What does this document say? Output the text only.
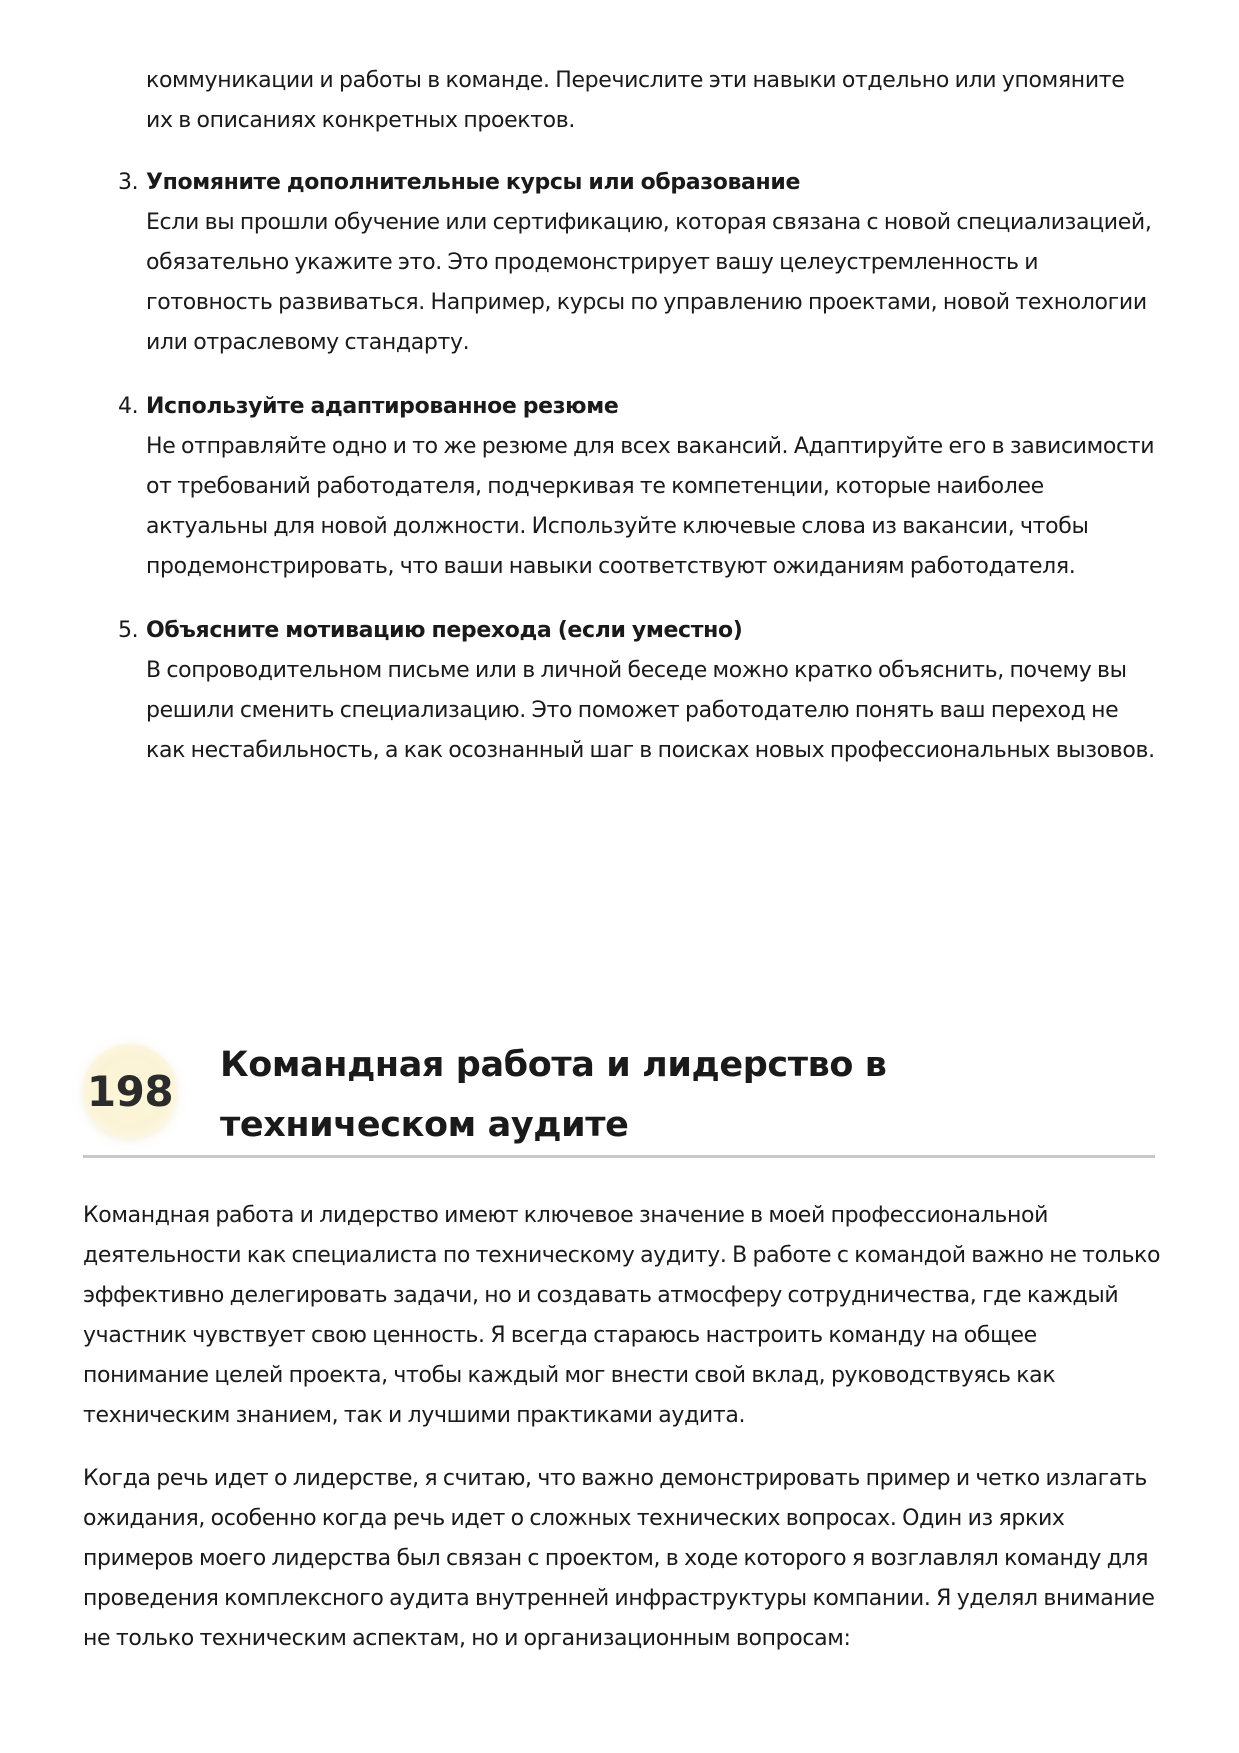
коммуникации и работы в команде. Перечислите эти навыки отдельно или упомяните их в описаниях конкретных проектов.
3. Упомяните дополнительные курсы или образование
Если вы прошли обучение или сертификацию, которая связана с новой специализацией, обязательно укажите это. Это продемонстрирует вашу целеустремленность и готовность развиваться. Например, курсы по управлению проектами, новой технологии или отраслевому стандарту.
4. Используйте адаптированное резюме
Не отправляйте одно и то же резюме для всех вакансий. Адаптируйте его в зависимости от требований работодателя, подчеркивая те компетенции, которые наиболее актуальны для новой должности. Используйте ключевые слова из вакансии, чтобы продемонстрировать, что ваши навыки соответствуют ожиданиям работодателя.
5. Объясните мотивацию перехода (если уместно)
В сопроводительном письме или в личной беседе можно кратко объяснить, почему вы решили сменить специализацию. Это поможет работодателю понять ваш переход не как нестабильность, а как осознанный шаг в поисках новых профессиональных вызовов.
198
Командная работа и лидерство в техническом аудите

Командная работа и лидерство имеют ключевое значение в моей профессиональной деятельности как специалиста по техническому аудиту. В работе с командой важно не только эффективно делегировать задачи, но и создавать атмосферу сотрудничества, где каждый участник чувствует свою ценность. Я всегда стараюсь настроить команду на общее понимание целей проекта, чтобы каждый мог внести свой вклад, руководствуясь как техническим знанием, так и лучшими практиками аудита.

Когда речь идет о лидерстве, я считаю, что важно демонстрировать пример и четко излагать ожидания, особенно когда речь идет о сложных технических вопросах. Один из ярких примеров моего лидерства был связан с проектом, в ходе которого я возглавлял команду для проведения комплексного аудита внутренней инфраструктуры компании. Я уделял внимание не только техническим аспектам, но и организационным вопросам:
